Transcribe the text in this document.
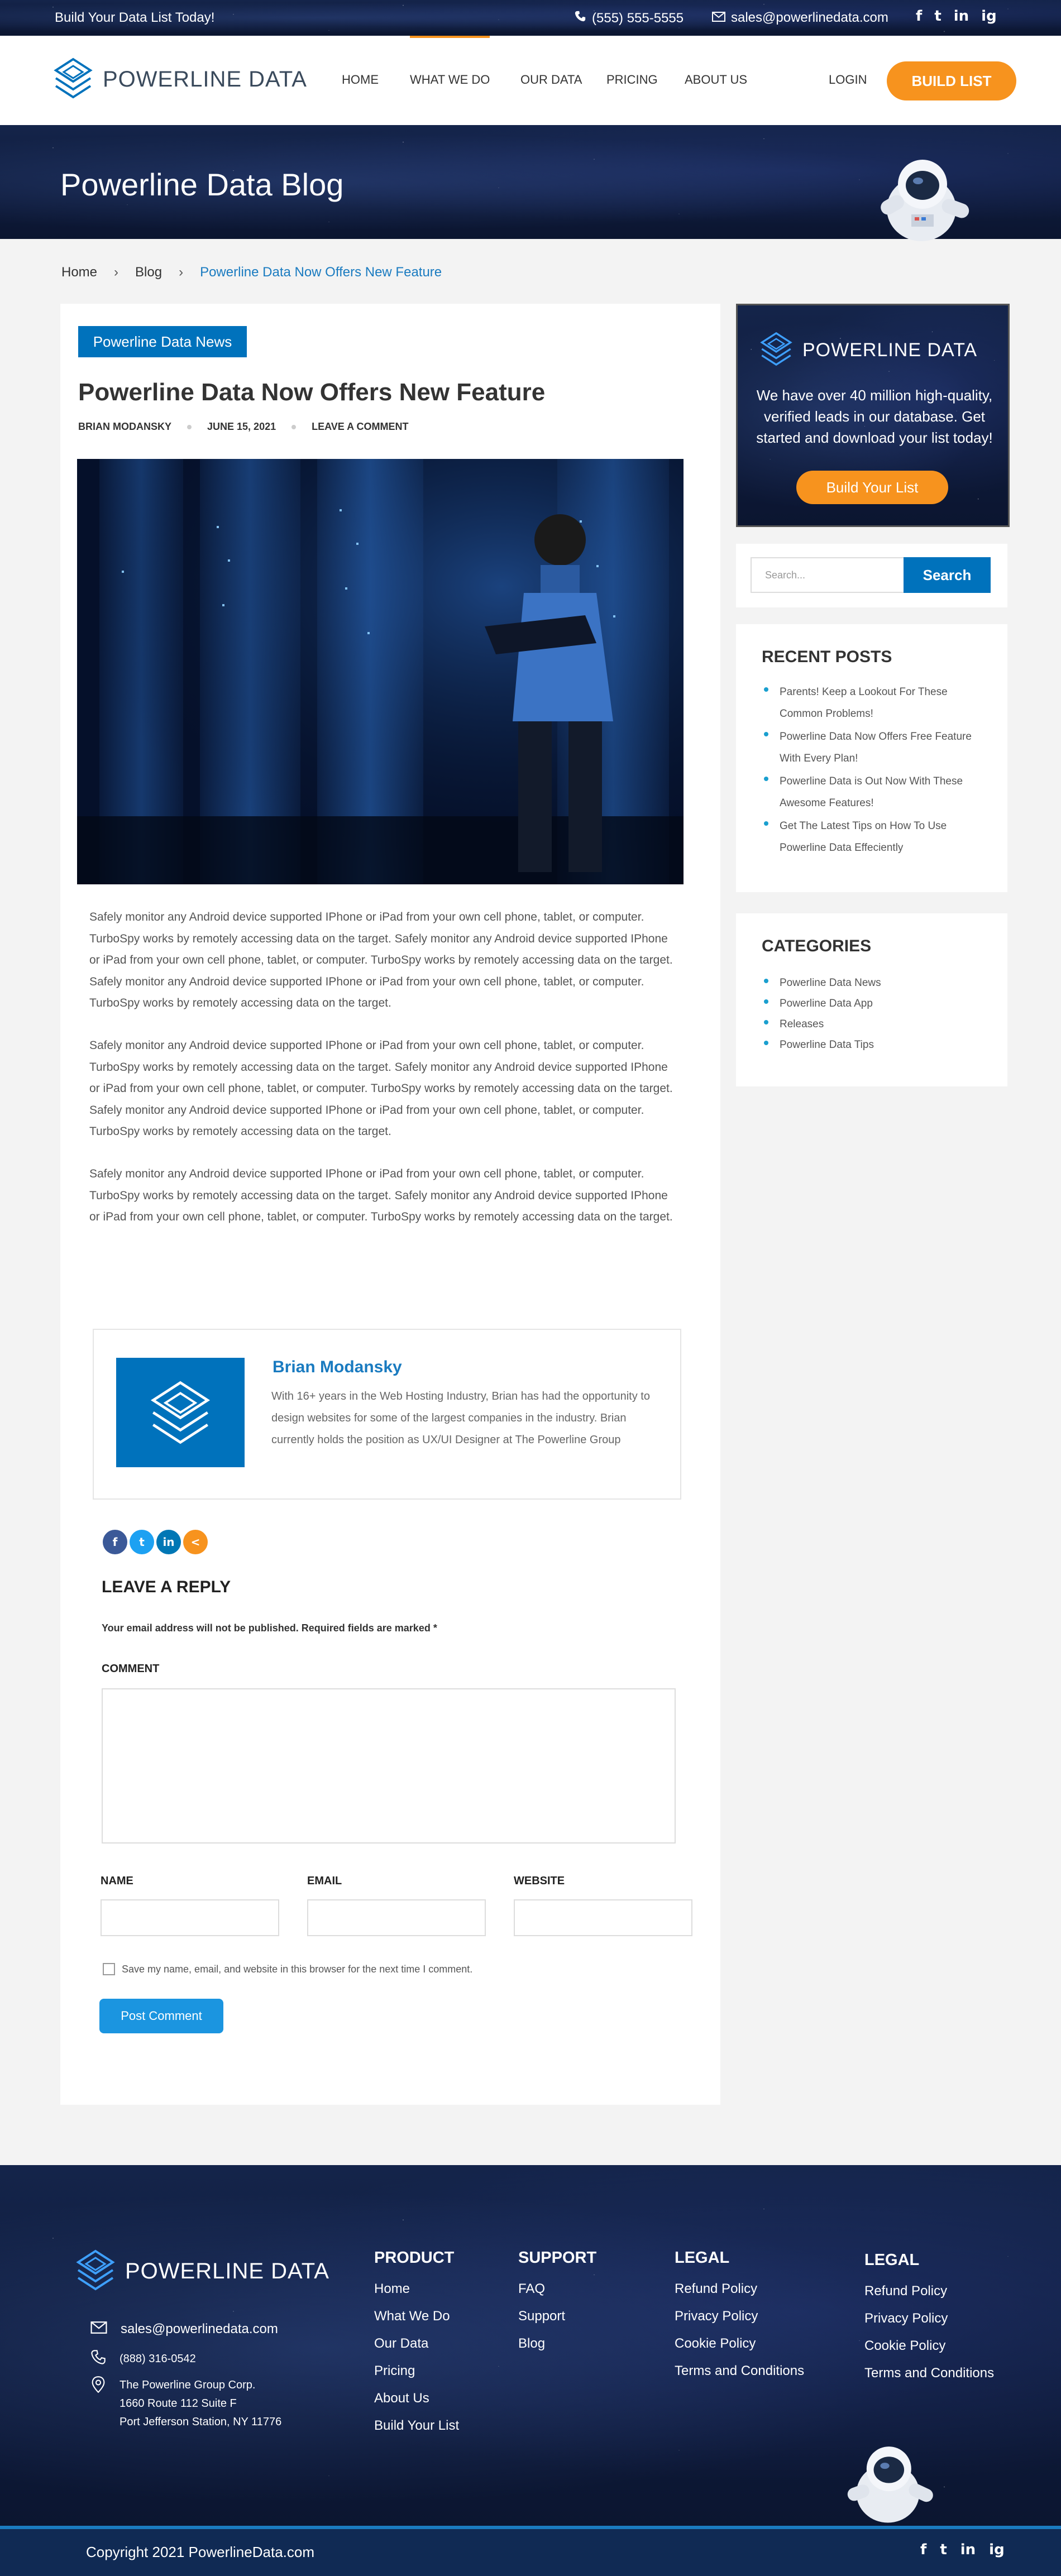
Build Your Data List Today!	(555) 555-5555	sales@powerlinedata.com f t in ig
POWERLINE DATA	HOME	WHAT WE DO OUR DATA PRICING ABOUT US	LOGIN	BUILD LIST
Powerline Data Blog
Home › Blog › Powerline Data Now Offers New Feature
Powerline Data News
Powerline Data Now Offers New Feature
BRIAN MODANSKY	JUNE 15, 2021	LEAVE A COMMENT

Safely monitor any Android device supported IPhone or iPad from your own cell phone, tablet, or computer. TurboSpy works by remotely accessing data on the target. Safely monitor any Android device supported IPhone or iPad from your own cell phone, tablet, or computer. TurboSpy works by remotely accessing data on the target. Safely monitor any Android device supported IPhone or iPad from your own cell phone, tablet, or computer. TurboSpy works by remotely accessing data on the target.

Safely monitor any Android device supported IPhone or iPad from your own cell phone, tablet, or computer. TurboSpy works by remotely accessing data on the target. Safely monitor any Android device supported IPhone or iPad from your own cell phone, tablet, or computer. TurboSpy works by remotely accessing data on the target. Safely monitor any Android device supported IPhone or iPad from your own cell phone, tablet, or computer. TurboSpy works by remotely accessing data on the target.

Safely monitor any Android device supported IPhone or iPad from your own cell phone, tablet, or computer. TurboSpy works by remotely accessing data on the target. Safely monitor any Android device supported IPhone or iPad from your own cell phone, tablet, or computer. TurboSpy works by remotely accessing data on the target.

Brian Modansky
With 16+ years in the Web Hosting Industry, Brian has had the opportunity to design websites for some of the largest companies in the industry. Brian currently holds the position as UX/UI Designer at The Powerline Group
f	t	in	<
LEAVE A REPLY
Your email address will not be published. Required fields are marked *
COMMENT
NAME	EMAIL	WEBSITE
Save my name, email, and website in this browser for the next time I comment.
Post Comment
POWERLINE DATA
We have over 40 million high-quality, verified leads in our database. Get started and download your list today!
Build Your List
Search...	Search
RECENT POSTS
Parents! Keep a Lookout For These Common Problems!
Powerline Data Now Offers Free Feature With Every Plan!
Powerline Data is Out Now With These Awesome Features!
Get The Latest Tips on How To Use Powerline Data Effeciently
CATEGORIES
Powerline Data News
Powerline Data App
Releases
Powerline Data Tips
POWERLINE DATA
sales@powerlinedata.com
(888) 316-0542
The Powerline Group Corp.
1660 Route 112 Suite F
Port Jefferson Station, NY 11776
PRODUCT
Home
What We Do
Our Data
Pricing
About Us
Build Your List
SUPPORT
FAQ
Support
Blog
LEGAL
Refund Policy
Privacy Policy
Cookie Policy
Terms and Conditions
LEGAL
Refund Policy
Privacy Policy
Cookie Policy
Terms and Conditions
Copyright 2021 PowerlineData.com	f t in ig
